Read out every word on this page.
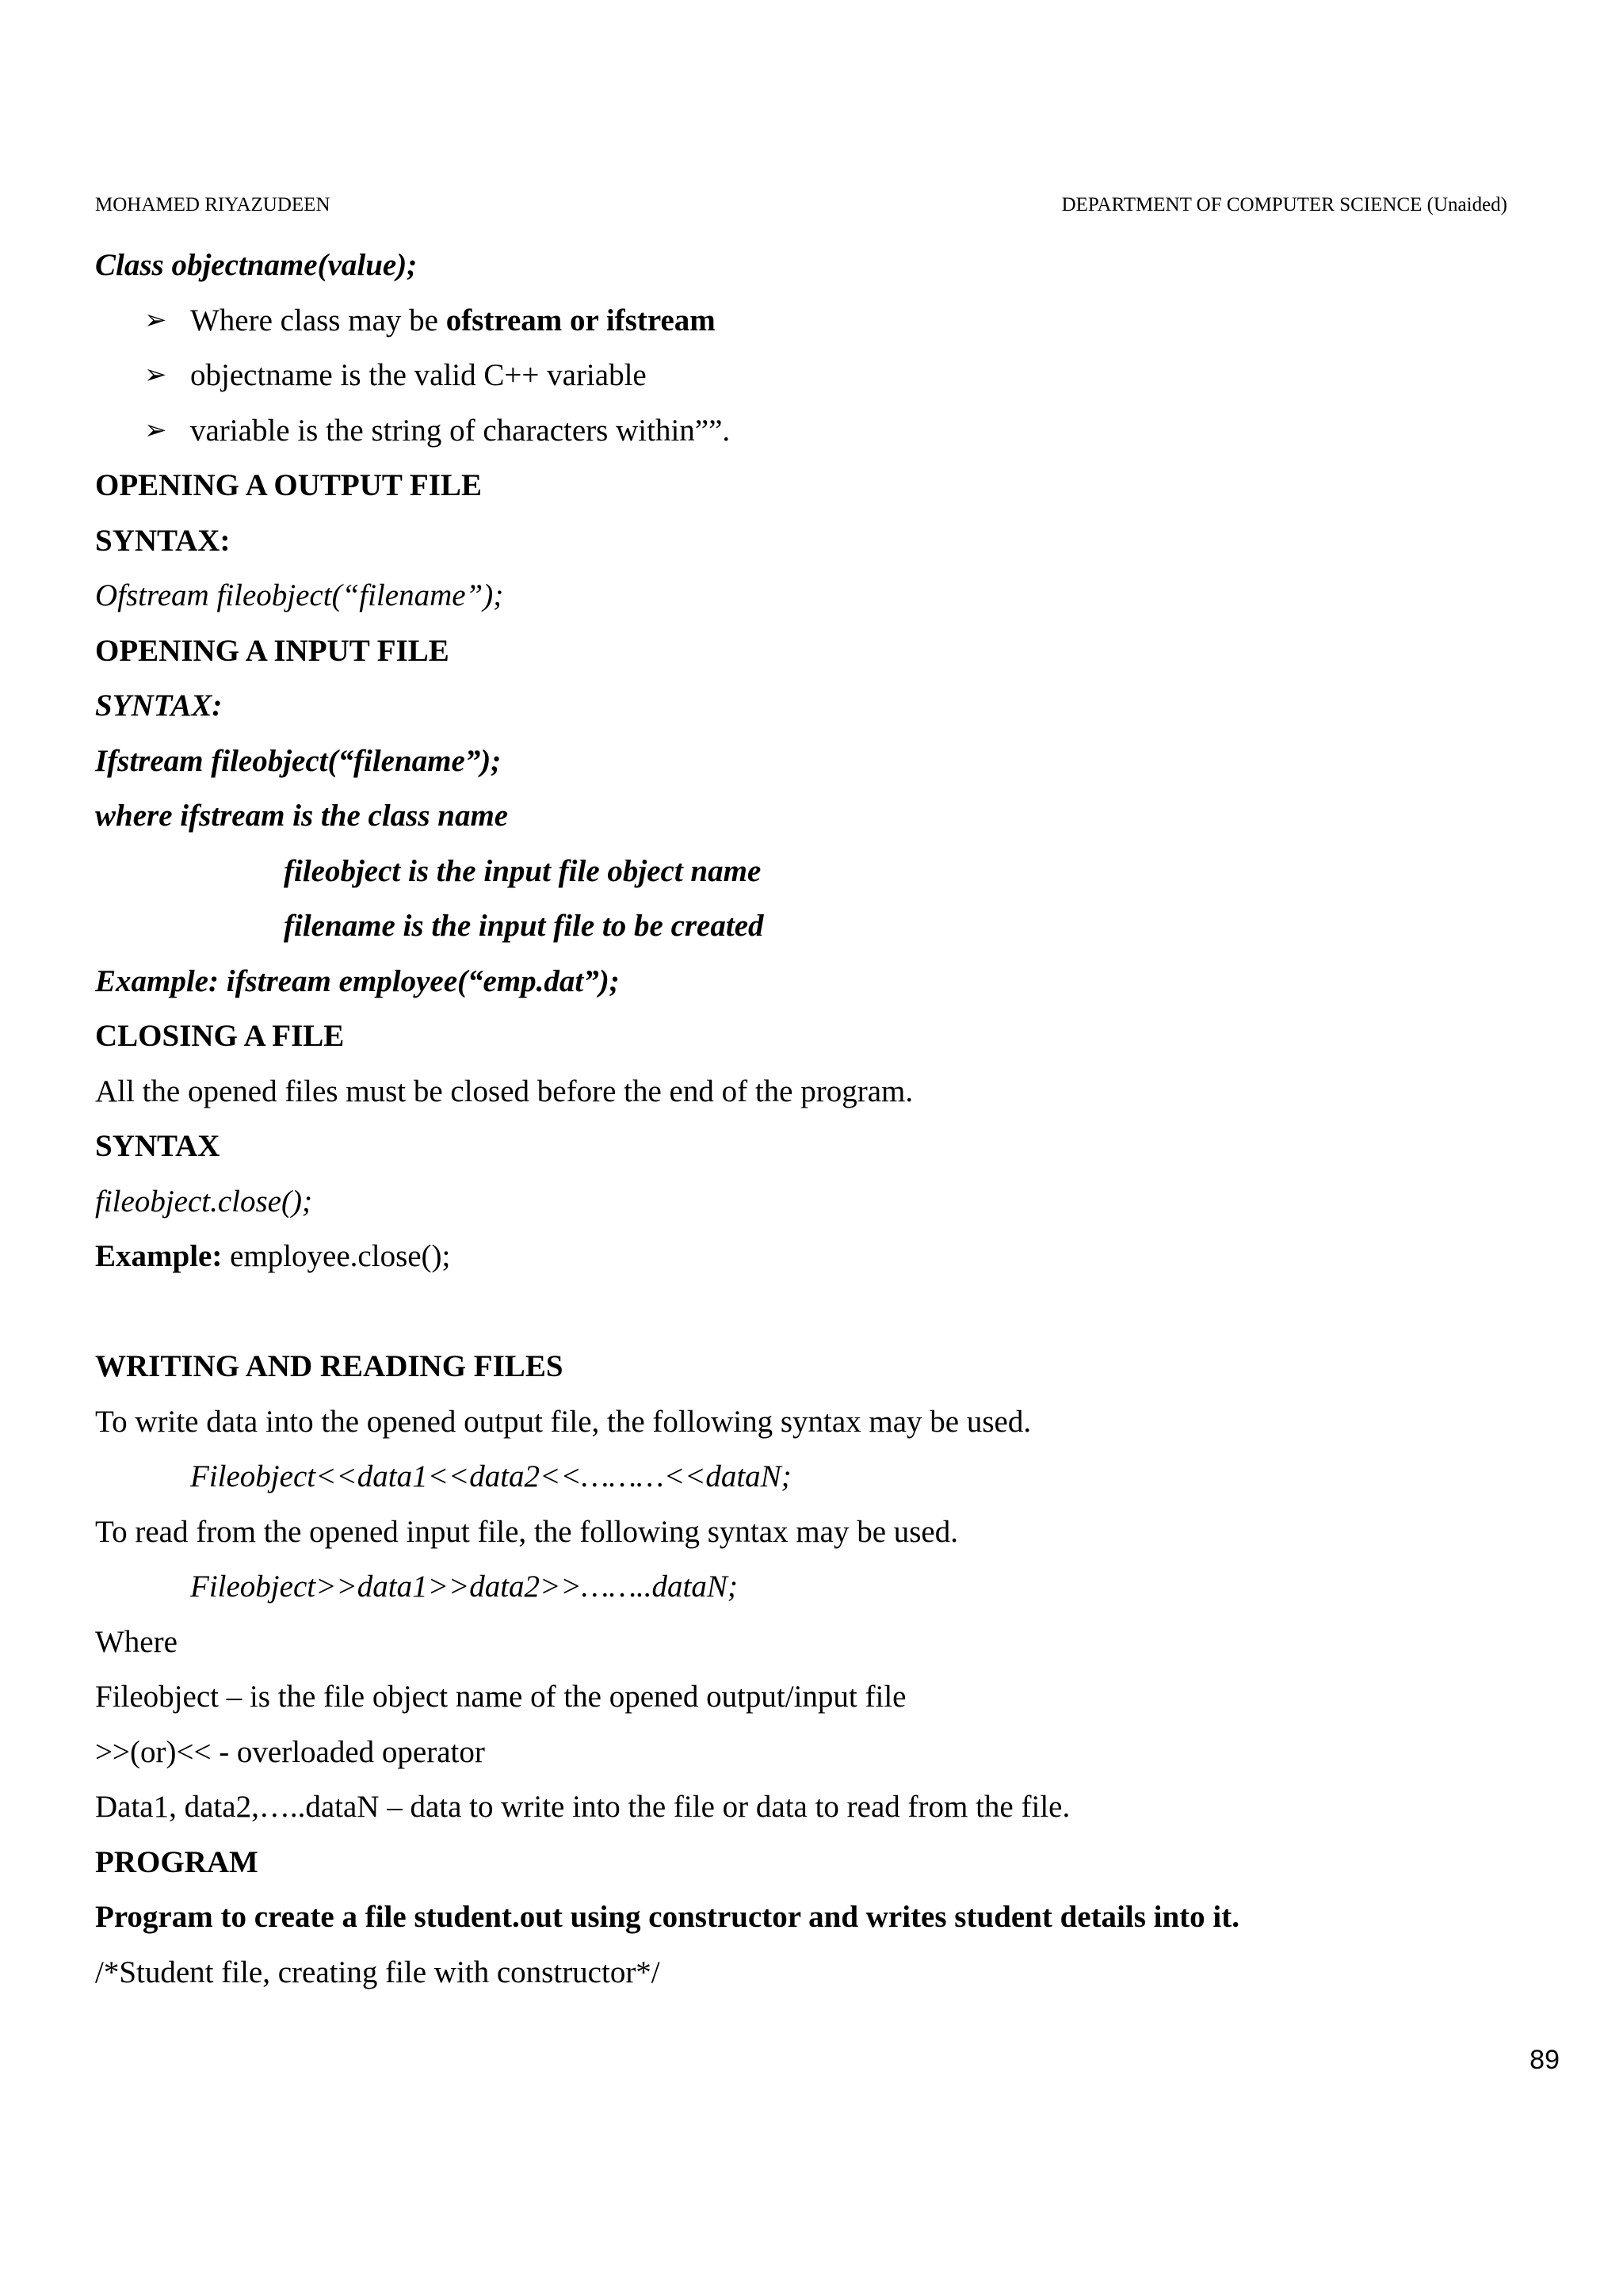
MOHAMED RIYAZUDEEN	DEPARTMENT OF COMPUTER SCIENCE (Unaided)
Class objectname(value);
➢ Where class may be ofstream or ifstream
➢ objectname is the valid C++ variable
➢ variable is the string of characters within””.
OPENING A OUTPUT FILE
SYNTAX:
Ofstream fileobject(“filename”);
OPENING A INPUT FILE
SYNTAX:
Ifstream fileobject(“filename”);
where ifstream is the class name
fileobject is the input file object name
filename is the input file to be created
Example: ifstream employee(“emp.dat”);
CLOSING A FILE
All the opened files must be closed before the end of the program.
SYNTAX
fileobject.close();
Example: employee.close();
WRITING AND READING FILES
To write data into the opened output file, the following syntax may be used.
Fileobject<<data1<<data2<<………<<dataN;
To read from the opened input file, the following syntax may be used.
Fileobject>>data1>>data2>>……..dataN;
Where
Fileobject – is the file object name of the opened output/input file
>>(or)<< - overloaded operator
Data1, data2,…..dataN – data to write into the file or data to read from the file.
PROGRAM
Program to create a file student.out using constructor and writes student details into it.
/*Student file, creating file with constructor*/
89
